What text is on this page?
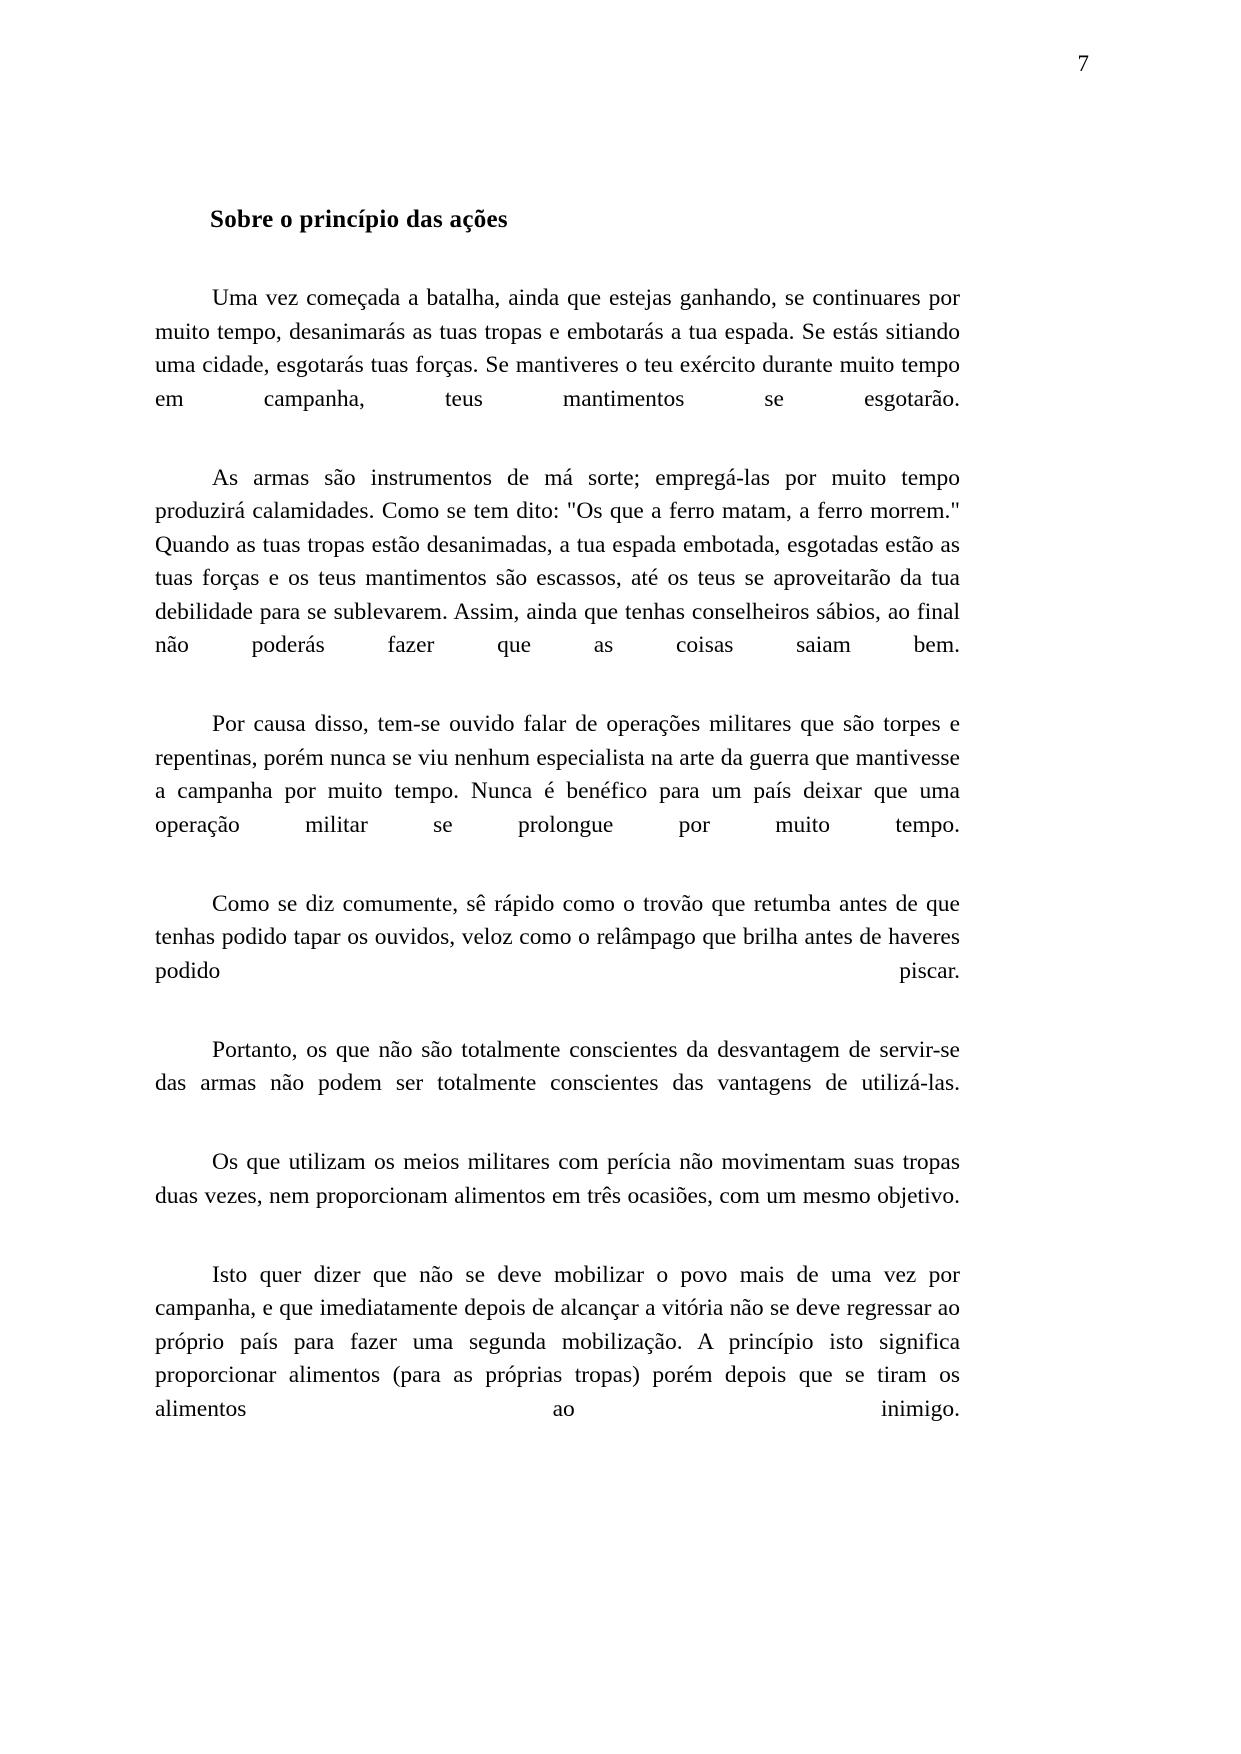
7
Sobre o princípio das ações

Uma vez começada a batalha, ainda que estejas ganhando, se continuares por muito tempo, desanimarás as tuas tropas e embotarás a tua espada. Se estás sitiando uma cidade, esgotarás tuas forças. Se mantiveres o teu exército durante muito tempo em campanha, teus mantimentos se esgotarão.

As armas são instrumentos de má sorte; empregá-las por muito tempo produzirá calamidades. Como se tem dito: "Os que a ferro matam, a ferro morrem." Quando as tuas tropas estão desanimadas, a tua espada embotada, esgotadas estão as tuas forças e os teus mantimentos são escassos, até os teus se aproveitarão da tua debilidade para se sublevarem. Assim, ainda que tenhas conselheiros sábios, ao final não poderás fazer que as coisas saiam bem.

Por causa disso, tem-se ouvido falar de operações militares que são torpes e repentinas, porém nunca se viu nenhum especialista na arte da guerra que mantivesse a campanha por muito tempo. Nunca é benéfico para um país deixar que uma operação militar se prolongue por muito tempo.

Como se diz comumente, sê rápido como o trovão que retumba antes de que tenhas podido tapar os ouvidos, veloz como o relâmpago que brilha antes de haveres podido piscar.

Portanto, os que não são totalmente conscientes da desvantagem de servir-se das armas não podem ser totalmente conscientes das vantagens de utilizá-las.

Os que utilizam os meios militares com perícia não movimentam suas tropas duas vezes, nem proporcionam alimentos em três ocasiões, com um mesmo objetivo.

Isto quer dizer que não se deve mobilizar o povo mais de uma vez por campanha, e que imediatamente depois de alcançar a vitória não se deve regressar ao próprio país para fazer uma segunda mobilização. A princípio isto significa proporcionar alimentos (para as próprias tropas) porém depois que se tiram os alimentos ao inimigo.
